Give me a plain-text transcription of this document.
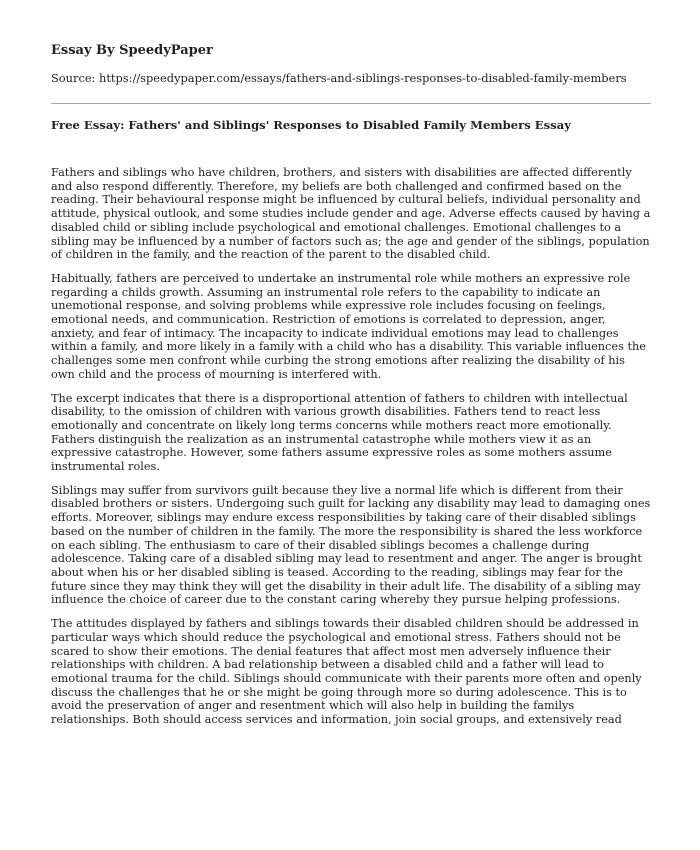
Essay By SpeedyPaper

Source: https://speedypaper.com/essays/fathers-and-siblings-responses-to-disabled-family-members

Free Essay: Fathers' and Siblings' Responses to Disabled Family Members Essay

Fathers and siblings who have children, brothers, and sisters with disabilities are affected differently and also respond differently. Therefore, my beliefs are both challenged and confirmed based on the reading. Their behavioural response might be influenced by cultural beliefs, individual personality and attitude, physical outlook, and some studies include gender and age. Adverse effects caused by having a disabled child or sibling include psychological and emotional challenges. Emotional challenges to a sibling may be influenced by a number of factors such as; the age and gender of the siblings, population of children in the family, and the reaction of the parent to the disabled child.

Habitually, fathers are perceived to undertake an instrumental role while mothers an expressive role regarding a childs growth. Assuming an instrumental role refers to the capability to indicate an unemotional response, and solving problems while expressive role includes focusing on feelings, emotional needs, and communication. Restriction of emotions is correlated to depression, anger, anxiety, and fear of intimacy. The incapacity to indicate individual emotions may lead to challenges within a family, and more likely in a family with a child who has a disability. This variable influences the challenges some men confront while curbing the strong emotions after realizing the disability of his own child and the process of mourning is interfered with.

The excerpt indicates that there is a disproportional attention of fathers to children with intellectual disability, to the omission of children with various growth disabilities. Fathers tend to react less emotionally and concentrate on likely long terms concerns while mothers react more emotionally. Fathers distinguish the realization as an instrumental catastrophe while mothers view it as an expressive catastrophe. However, some fathers assume expressive roles as some mothers assume instrumental roles.

Siblings may suffer from survivors guilt because they live a normal life which is different from their disabled brothers or sisters. Undergoing such guilt for lacking any disability may lead to damaging ones efforts. Moreover, siblings may endure excess responsibilities by taking care of their disabled siblings based on the number of children in the family. The more the responsibility is shared the less workforce on each sibling. The enthusiasm to care of their disabled siblings becomes a challenge during adolescence. Taking care of a disabled sibling may lead to resentment and anger. The anger is brought about when his or her disabled sibling is teased. According to the reading, siblings may fear for the future since they may think they will get the disability in their adult life. The disability of a sibling may influence the choice of career due to the constant caring whereby they pursue helping professions.

The attitudes displayed by fathers and siblings towards their disabled children should be addressed in particular ways which should reduce the psychological and emotional stress. Fathers should not be scared to show their emotions. The denial features that affect most men adversely influence their relationships with children. A bad relationship between a disabled child and a father will lead to emotional trauma for the child. Siblings should communicate with their parents more often and openly discuss the challenges that he or she might be going through more so during adolescence. This is to avoid the preservation of anger and resentment which will also help in building the familys relationships. Both should access services and information, join social groups, and extensively read
